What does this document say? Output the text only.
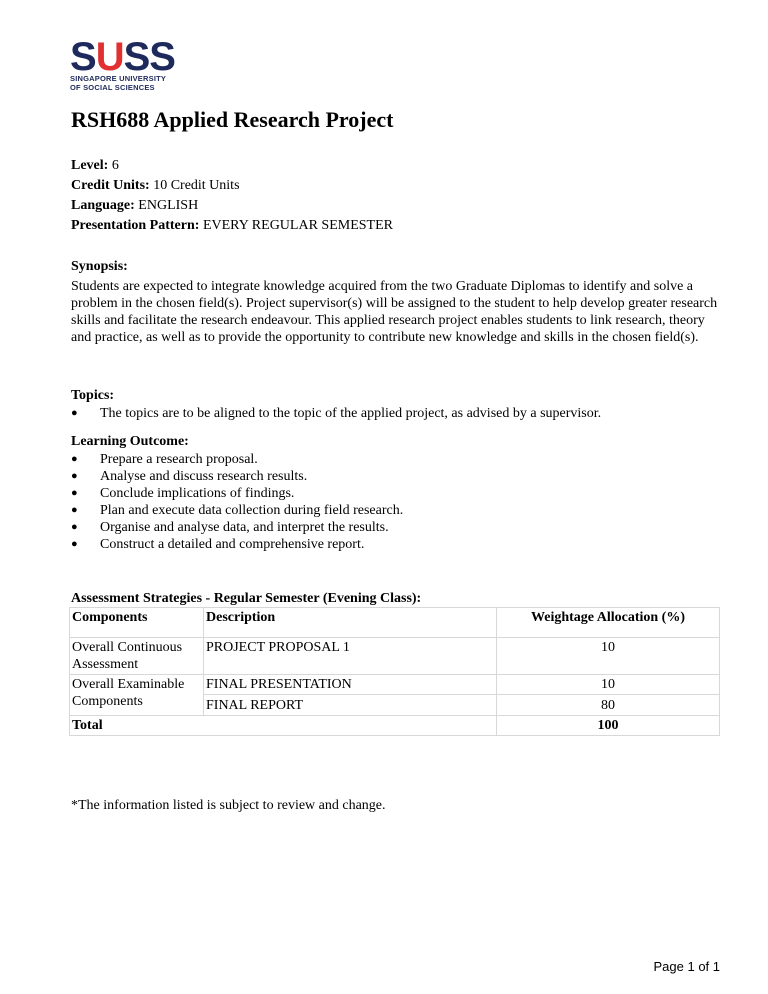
SUSS
SINGAPORE UNIVERSITY
OF SOCIAL SCIENCES
RSH688 Applied Research Project
Level: 6
Credit Units: 10 Credit Units
Language: ENGLISH
Presentation Pattern: EVERY REGULAR SEMESTER
Synopsis:
Students are expected to integrate knowledge acquired from the two Graduate Diplomas to identify and solve a problem in the chosen field(s). Project supervisor(s) will be assigned to the student to help develop greater research skills and facilitate the research endeavour. This applied research project enables students to link research, theory and practice, as well as to provide the opportunity to contribute new knowledge and skills in the chosen field(s).
Topics:
● The topics are to be aligned to the topic of the applied project, as advised by a supervisor.
Learning Outcome:
● Prepare a research proposal.
● Analyse and discuss research results.
● Conclude implications of findings.
● Plan and execute data collection during field research.
● Organise and analyse data, and interpret the results.
● Construct a detailed and comprehensive report.
Assessment Strategies - Regular Semester (Evening Class):
Components	Description	Weightage Allocation (%)
Overall Continuous Assessment	PROJECT PROPOSAL 1	10
Overall Examinable Components	FINAL PRESENTATION	10
	FINAL REPORT	80
Total		100
*The information listed is subject to review and change.
Page 1 of 1
